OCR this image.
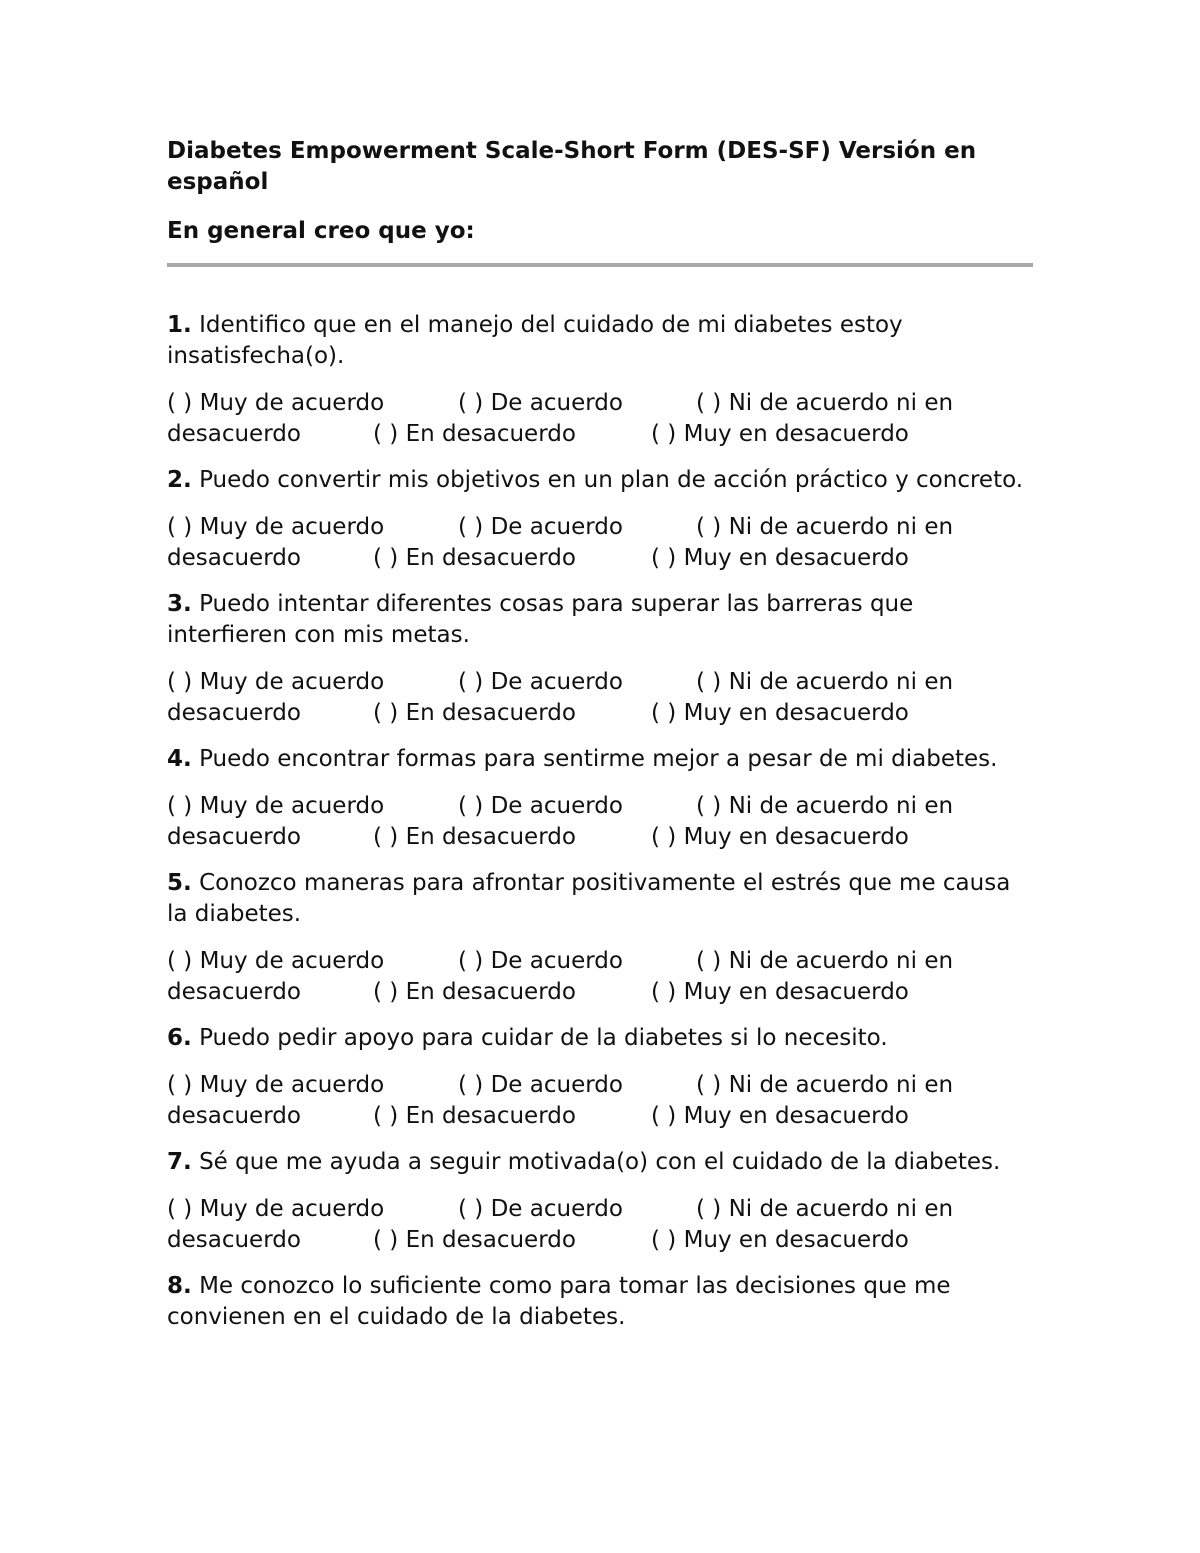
Diabetes Empowerment Scale-Short Form (DES-SF) Versión en español

En general creo que yo:

1. Identifico que en el manejo del cuidado de mi diabetes estoy insatisfecha(o).

( )
Muy de acuerdo	( )
De acuerdo	( )
Ni de acuerdo ni en
desacuerdo	( )
En desacuerdo	( )
Muy en desacuerdo

2. Puedo convertir mis objetivos en un plan de acción práctico y concreto.

( )
Muy de acuerdo	( )
De acuerdo	( )
Ni de acuerdo ni en
desacuerdo	( )
En desacuerdo	( )
Muy en desacuerdo

3. Puedo intentar diferentes cosas para superar las barreras que interfieren con mis metas.

( )
Muy de acuerdo	( )
De acuerdo	( )
Ni de acuerdo ni en
desacuerdo	( )
En desacuerdo	( )
Muy en desacuerdo

4. Puedo encontrar formas para sentirme mejor a pesar de mi diabetes.

( )
Muy de acuerdo	( )
De acuerdo	( )
Ni de acuerdo ni en
desacuerdo	( )
En desacuerdo	( )
Muy en desacuerdo

5. Conozco maneras para afrontar positivamente el estrés que me causa la diabetes.

( )
Muy de acuerdo	( )
De acuerdo	( )
Ni de acuerdo ni en
desacuerdo	( )
En desacuerdo	( )
Muy en desacuerdo

6. Puedo pedir apoyo para cuidar de la diabetes si lo necesito.

( )
Muy de acuerdo	( )
De acuerdo	( )
Ni de acuerdo ni en
desacuerdo	( )
En desacuerdo	( )
Muy en desacuerdo

7. Sé que me ayuda a seguir motivada(o) con el cuidado de la diabetes.

( )
Muy de acuerdo	( )
De acuerdo	( )
Ni de acuerdo ni en
desacuerdo	( )
En desacuerdo	( )
Muy en desacuerdo

8. Me conozco lo suficiente como para tomar las decisiones que me convienen en el cuidado de la diabetes.
